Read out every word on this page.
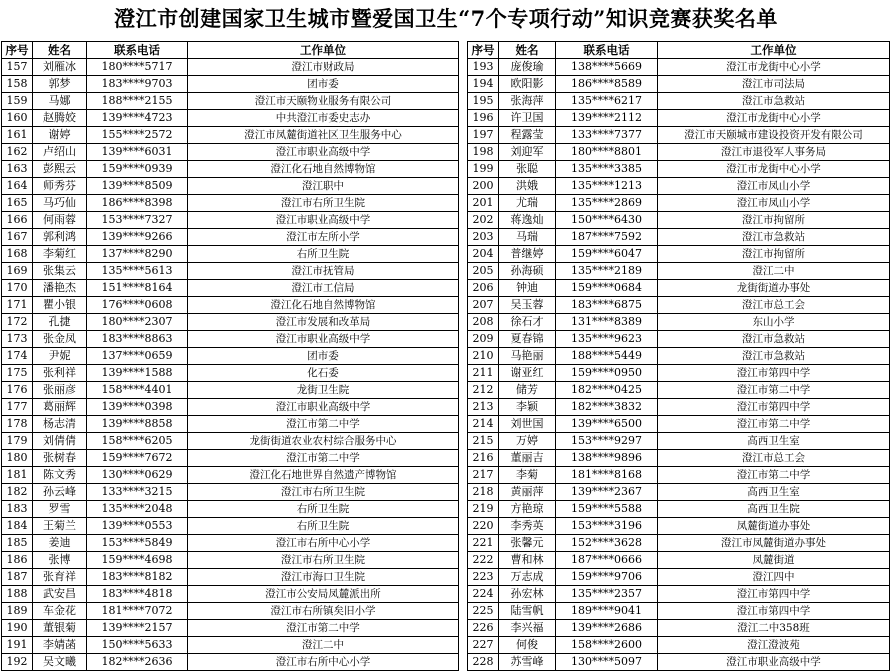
澄江市创建国家卫生城市暨爱国卫生“7个专项行动”知识竞赛获奖名单
序号	姓名	联系电话	工作单位
157	刘雁冰	180****5717	澄江市财政局
158	郭梦	183****9703	团市委
159	马娜	188****2155	澄江市天颐物业服务有限公司
160	赵腾姣	139****4723	中共澄江市委史志办
161	谢婷	155****2572	澄江市凤麓街道社区卫生服务中心
162	卢绍山	139****6031	澄江市职业高级中学
163	彭熙云	159****0939	澄江化石地自然博物馆
164	师秀芬	139****8509	澄江职中
165	马巧仙	186****8398	澄江市右所卫生院
166	何雨蓉	153****7327	澄江市职业高级中学
167	郭利鸿	139****9266	澄江市左所小学
168	李菊红	137****8290	右所卫生院
169	张集云	135****5613	澄江市抚管局
170	潘艳杰	151****8164	澄江市工信局
171	瞿小银	176****0608	澄江化石地自然博物馆
172	孔捷	180****2307	澄江市发展和改革局
173	张金凤	183****8863	澄江市职业高级中学
174	尹妮	137****0659	团市委
175	张利祥	139****1588	化石委
176	张丽彦	158****4401	龙街卫生院
177	葛丽辉	139****0398	澄江市职业高级中学
178	杨志清	139****8858	澄江市第二中学
179	刘倩倩	158****6205	龙街街道农业农村综合服务中心
180	张树春	159****7672	澄江市第二中学
181	陈文秀	130****0629	澄江化石地世界自然遗产博物馆
182	孙云峰	133****3215	澄江市右所卫生院
183	罗雪	135****2048	右所卫生院
184	王菊兰	139****0553	右所卫生院
185	姜迪	153****5849	澄江市右所中心小学
186	张博	159****4698	澄江市右所卫生院
187	张育祥	183****8182	澄江市海口卫生院
188	武安昌	183****4818	澄江市公安局凤麓派出所
189	车金花	181****7072	澄江市右所镇矣旧小学
190	董银菊	139****2157	澄江市第二中学
191	李婧菡	150****5633	澄江二中
192	吴文曦	182****2636	澄江市右所中心小学
序号	姓名	联系电话	工作单位
193	庞俊瑜	138****5669	澄江市龙街中心小学
194	欧阳影	186****8589	澄江市司法局
195	张海萍	135****6217	澄江市急救站
196	许卫国	139****2112	澄江市龙街中心小学
197	程露莹	133****7377	澄江市天颐城市建设投资开发有限公司
198	刘迎军	180****8801	澄江市退役军人事务局
199	张聪	135****3385	澄江市龙街中心小学
200	洪娥	135****1213	澄江市凤山小学
201	尤瑞	135****2869	澄江市凤山小学
202	蒋逸灿	150****6430	澄江市拘留所
203	马瑞	187****7592	澄江市急救站
204	普继婷	159****6047	澄江市拘留所
205	孙海硕	135****2189	澄江二中
206	钟迪	159****0684	龙街街道办事处
207	吴玉蓉	183****6875	澄江市总工会
208	徐石才	131****8389	东山小学
209	夏春锦	135****9623	澄江市急救站
210	马艳丽	188****5449	澄江市急救站
211	谢亚红	159****0950	澄江市第四中学
212	储芳	182****0425	澄江市第二中学
213	李颖	182****3832	澄江市第四中学
214	刘世国	139****6500	澄江市第二中学
215	万婷	153****9297	高西卫生室
216	董丽吉	138****9896	澄江市总工会
217	李菊	181****8168	澄江市第二中学
218	黄丽萍	139****2367	高西卫生室
219	方艳琼	159****5588	高西卫生院
220	李秀英	153****3196	凤麓街道办事处
221	张馨元	152****3628	澄江市凤麓街道办事处
222	曹和林	187****0666	凤麓街道
223	万志成	159****9706	澄江四中
224	孙宏林	135****2357	澄江市第四中学
225	陆雪帆	189****9041	澄江市第四中学
226	李兴福	139****2686	澄江二中358班
227	何俊	158****2600	澄江澄波苑
228	苏雪峰	130****5097	澄江市职业高级中学
